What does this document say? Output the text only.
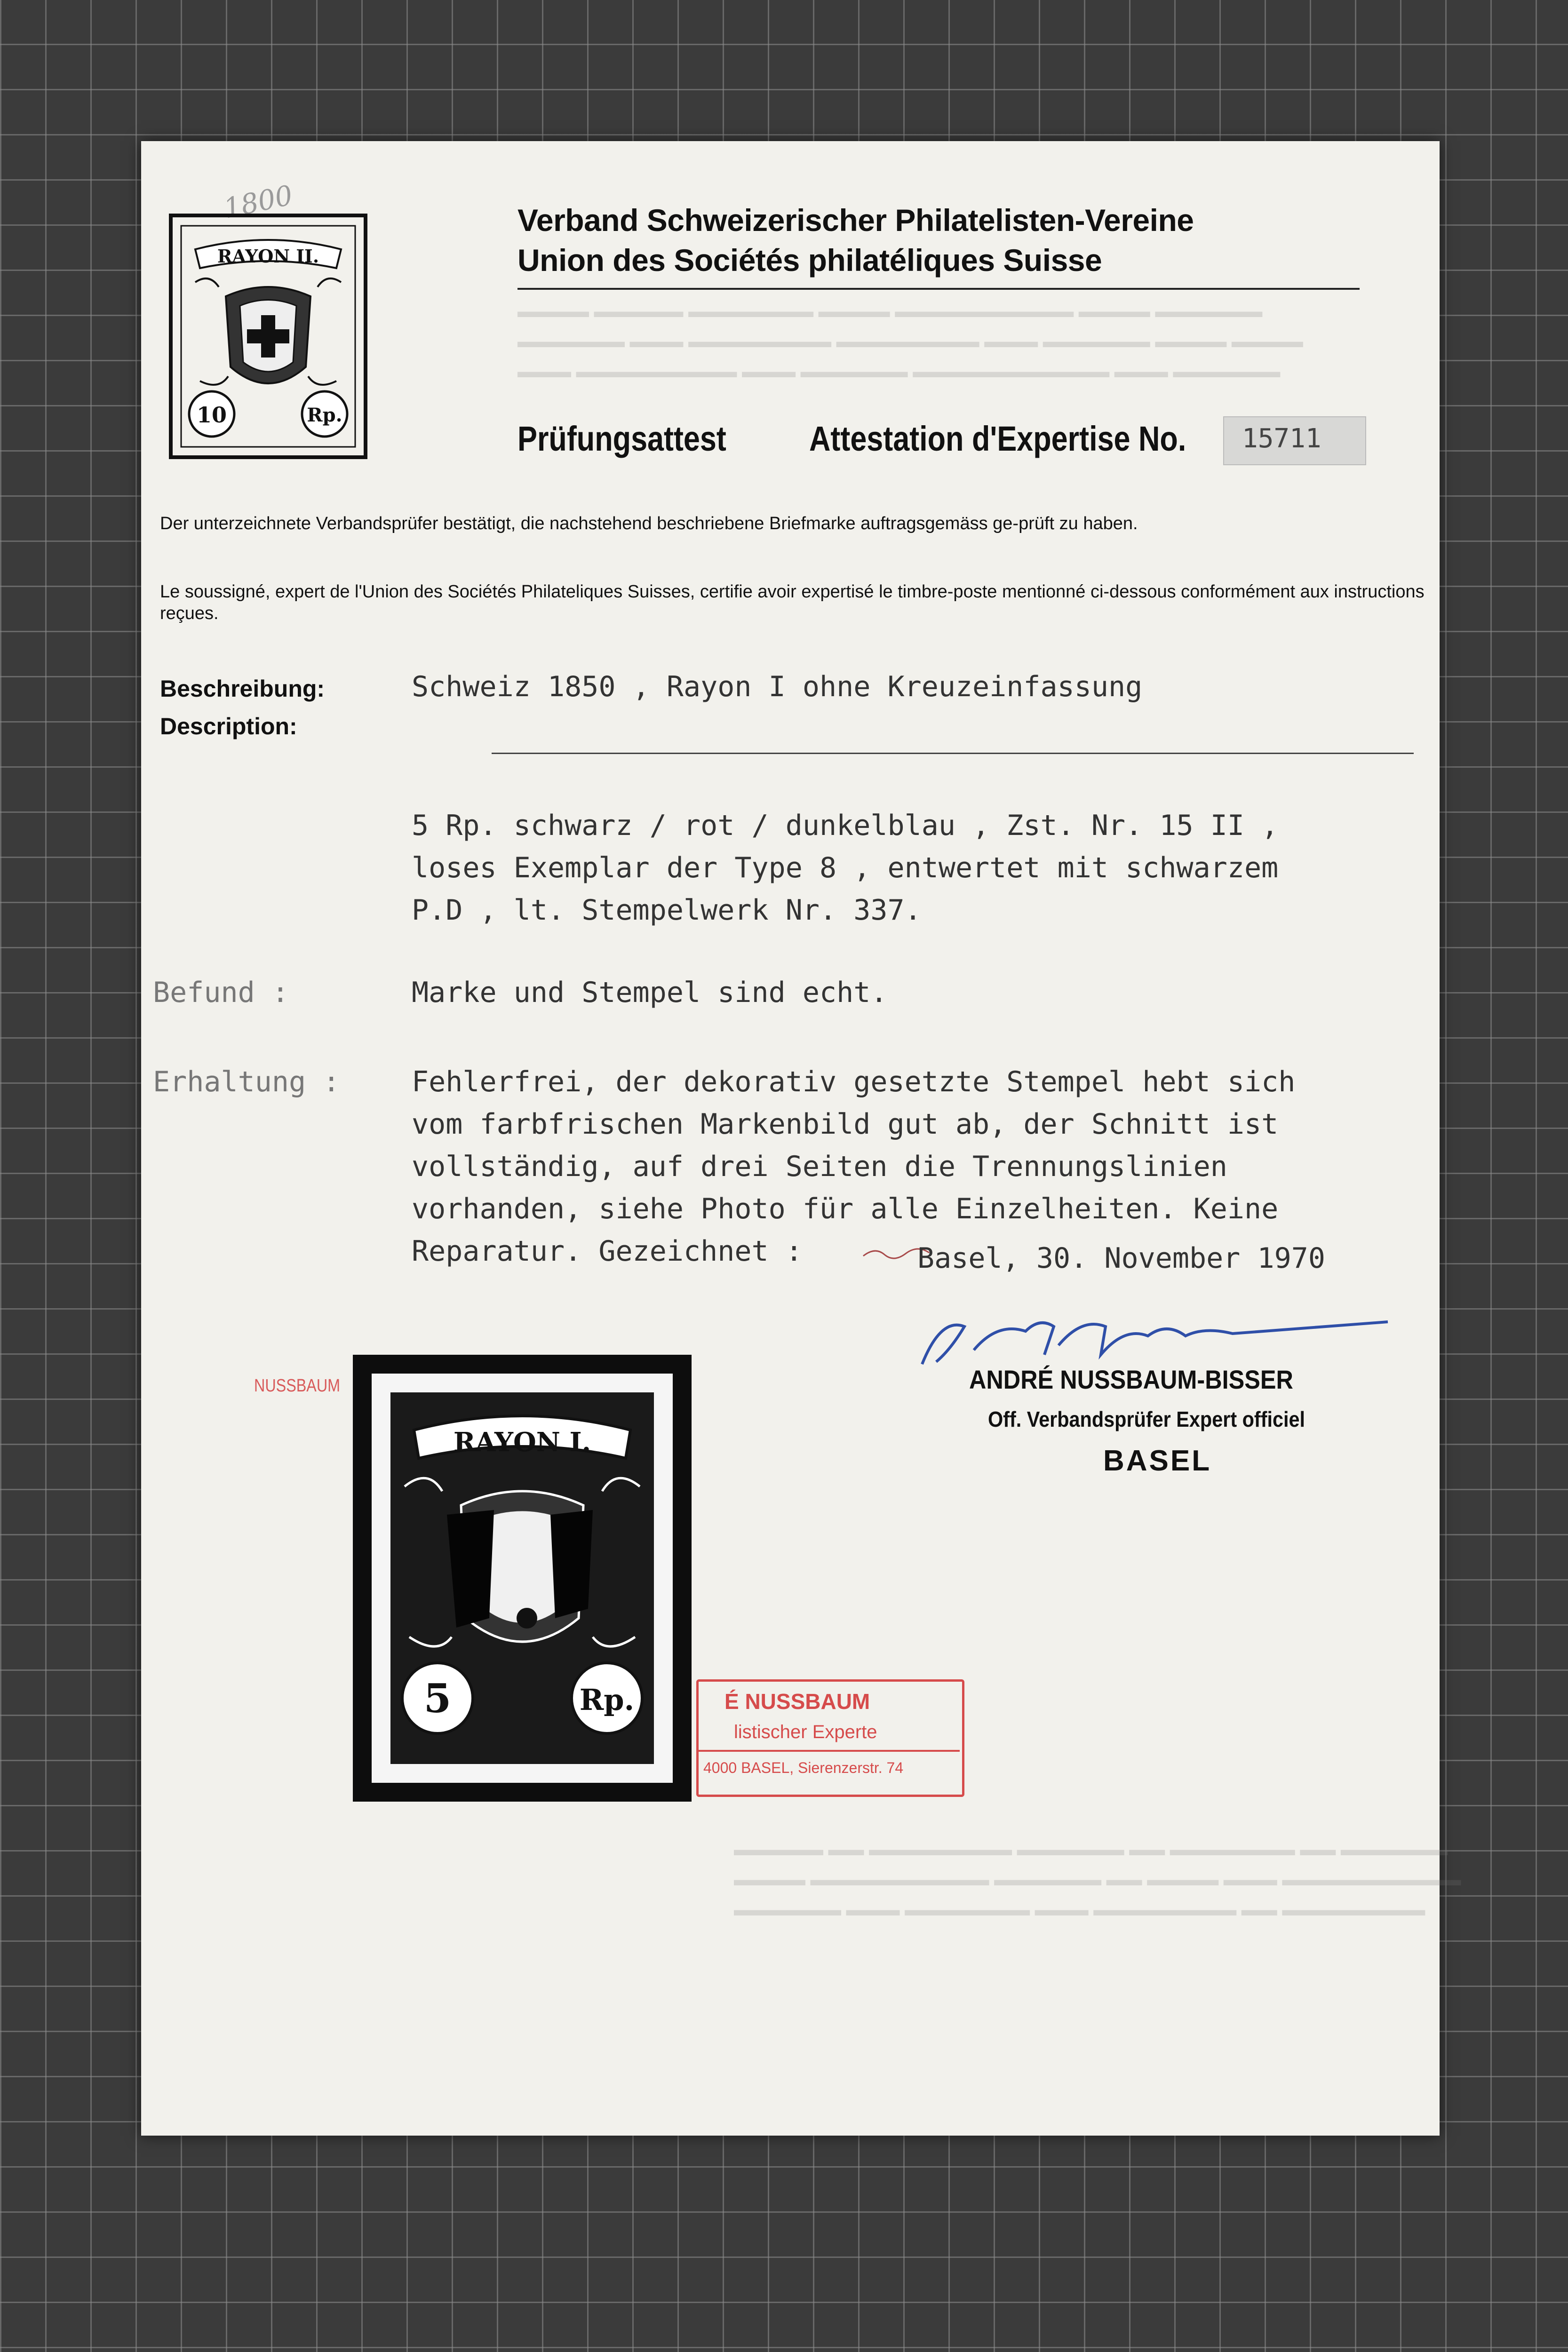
1800
RAYON II.
10	Rp.
Verband Schweizerischer Philatelisten-Vereine
Union des Sociétés philatéliques Suisse
▬▬▬▬ ▬▬▬▬▬ ▬▬▬▬▬▬▬ ▬▬▬▬ ▬▬▬▬▬▬▬▬▬▬ ▬▬▬▬ ▬▬▬▬▬▬
▬▬▬▬▬▬ ▬▬▬ ▬▬▬▬▬▬▬▬ ▬▬▬▬▬▬▬▬ ▬▬▬ ▬▬▬▬▬▬ ▬▬▬▬ ▬▬▬▬
▬▬▬ ▬▬▬▬▬▬▬▬▬ ▬▬▬ ▬▬▬▬▬▬ ▬▬▬▬▬▬▬▬▬▬▬ ▬▬▬ ▬▬▬▬▬▬
Prüfungsattest Attestation d'Expertise No. 15711
Der unterzeichnete Verbandsprüfer bestätigt, die nachstehend beschriebene Briefmarke auftragsgemäss ge-prüft zu haben.
Le soussigné, expert de l'Union des Sociétés Philateliques Suisses, certifie avoir expertisé le timbre-poste mentionné ci-dessous conformément aux instructions reçues.
Beschreibung:
Description:
Schweiz 1850 , Rayon I ohne Kreuzeinfassung
5 Rp. schwarz / rot / dunkelblau , Zst. Nr. 15 II ,
loses Exemplar der Type 8 , entwertet mit schwarzem
P.D , lt. Stempelwerk Nr. 337.
Befund :	Marke und Stempel sind echt.
Erhaltung :	Fehlerfrei, der dekorativ gesetzte Stempel hebt sich
vom farbfrischen Markenbild gut ab, der Schnitt ist
vollständig, auf drei Seiten die Trennungslinien
vorhanden, siehe Photo für alle Einzelheiten. Keine
Reparatur. Gezeichnet :	Basel, 30. November 1970
ANDRÉ NUSSBAUM-BISSER
Off. Verbandsprüfer Expert officiel
BASEL
NUSSBAUM
RAYON I.
5	Rp.	É NUSSBAUM
listischer Experte
4000 BASEL, Sierenzerstr. 74
▬▬▬▬▬ ▬▬ ▬▬▬▬▬▬▬▬ ▬▬▬▬▬▬ ▬▬ ▬▬▬▬▬▬▬ ▬▬ ▬▬▬▬▬▬
▬▬▬▬ ▬▬▬▬▬▬▬▬▬▬ ▬▬▬▬▬▬ ▬▬ ▬▬▬▬ ▬▬▬ ▬▬▬▬▬▬▬▬▬▬
▬▬▬▬▬▬ ▬▬▬ ▬▬▬▬▬▬▬ ▬▬▬ ▬▬▬▬▬▬▬▬ ▬▬ ▬▬▬▬▬▬▬▬
